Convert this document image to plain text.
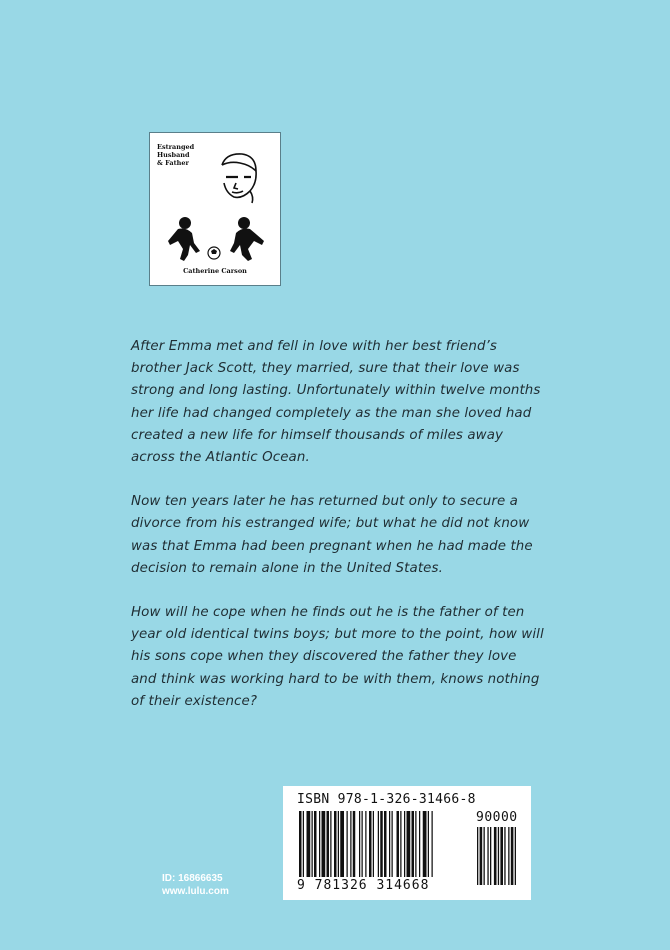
Estranged Husband
& Father
Catherine Carson

After Emma met and fell in love with her best friend’s brother Jack Scott, they married, sure that their love was strong and long lasting. Unfortunately within twelve months her life had changed completely as the man she loved had created a new life for himself thousands of miles away across the Atlantic Ocean.

Now ten years later he has returned but only to secure a divorce from his estranged wife; but what he did not know was that Emma had been pregnant when he had made the decision to remain alone in the United States.

How will he cope when he finds out he is the father of ten year old identical twins boys; but more to the point, how will his sons cope when they discovered the father they love and think was working hard to be with them, knows nothing of their existence?

ISBN 978-1-326-31466-8
90000
9 781326 314668
ID: 16866635
www.lulu.com
